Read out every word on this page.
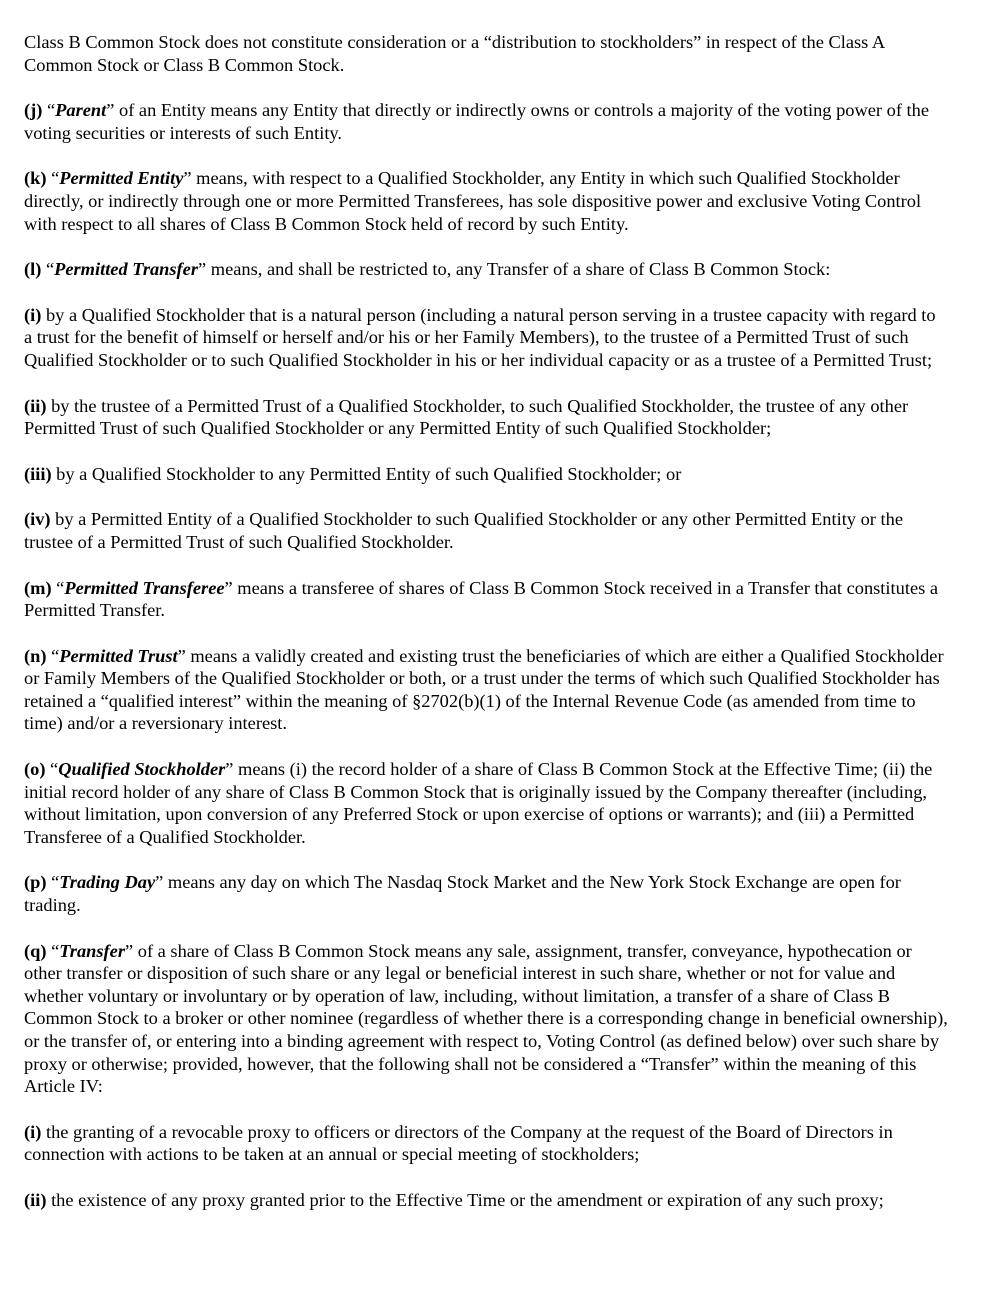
Class B Common Stock does not constitute consideration or a “distribution to stockholders” in respect of the Class A Common Stock or Class B Common Stock.

(j) “Parent” of an Entity means any Entity that directly or indirectly owns or controls a majority of the voting power of the voting securities or interests of such Entity.

(k) “Permitted Entity” means, with respect to a Qualified Stockholder, any Entity in which such Qualified Stockholder directly, or indirectly through one or more Permitted Transferees, has sole dispositive power and exclusive Voting Control with respect to all shares of Class B Common Stock held of record by such Entity.

(l) “Permitted Transfer” means, and shall be restricted to, any Transfer of a share of Class B Common Stock:

(i) by a Qualified Stockholder that is a natural person (including a natural person serving in a trustee capacity with regard to a trust for the benefit of himself or herself and/or his or her Family Members), to the trustee of a Permitted Trust of such Qualified Stockholder or to such Qualified Stockholder in his or her individual capacity or as a trustee of a Permitted Trust;

(ii) by the trustee of a Permitted Trust of a Qualified Stockholder, to such Qualified Stockholder, the trustee of any other Permitted Trust of such Qualified Stockholder or any Permitted Entity of such Qualified Stockholder;

(iii) by a Qualified Stockholder to any Permitted Entity of such Qualified Stockholder; or

(iv) by a Permitted Entity of a Qualified Stockholder to such Qualified Stockholder or any other Permitted Entity or the trustee of a Permitted Trust of such Qualified Stockholder.

(m) “Permitted Transferee” means a transferee of shares of Class B Common Stock received in a Transfer that constitutes a Permitted Transfer.

(n) “Permitted Trust” means a validly created and existing trust the beneficiaries of which are either a Qualified Stockholder or Family Members of the Qualified Stockholder or both, or a trust under the terms of which such Qualified Stockholder has retained a “qualified interest” within the meaning of §2702(b)(1) of the Internal Revenue Code (as amended from time to time) and/or a reversionary interest.

(o) “Qualified Stockholder” means (i) the record holder of a share of Class B Common Stock at the Effective Time; (ii) the initial record holder of any share of Class B Common Stock that is originally issued by the Company thereafter (including, without limitation, upon conversion of any Preferred Stock or upon exercise of options or warrants); and (iii) a Permitted Transferee of a Qualified Stockholder.

(p) “Trading Day” means any day on which The Nasdaq Stock Market and the New York Stock Exchange are open for trading.

(q) “Transfer” of a share of Class B Common Stock means any sale, assignment, transfer, conveyance, hypothecation or other transfer or disposition of such share or any legal or beneficial interest in such share, whether or not for value and whether voluntary or involuntary or by operation of law, including, without limitation, a transfer of a share of Class B Common Stock to a broker or other nominee (regardless of whether there is a corresponding change in beneficial ownership), or the transfer of, or entering into a binding agreement with respect to, Voting Control (as defined below) over such share by proxy or otherwise; provided, however, that the following shall not be considered a “Transfer” within the meaning of this Article IV:

(i) the granting of a revocable proxy to officers or directors of the Company at the request of the Board of Directors in connection with actions to be taken at an annual or special meeting of stockholders;

(ii) the existence of any proxy granted prior to the Effective Time or the amendment or expiration of any such proxy;
